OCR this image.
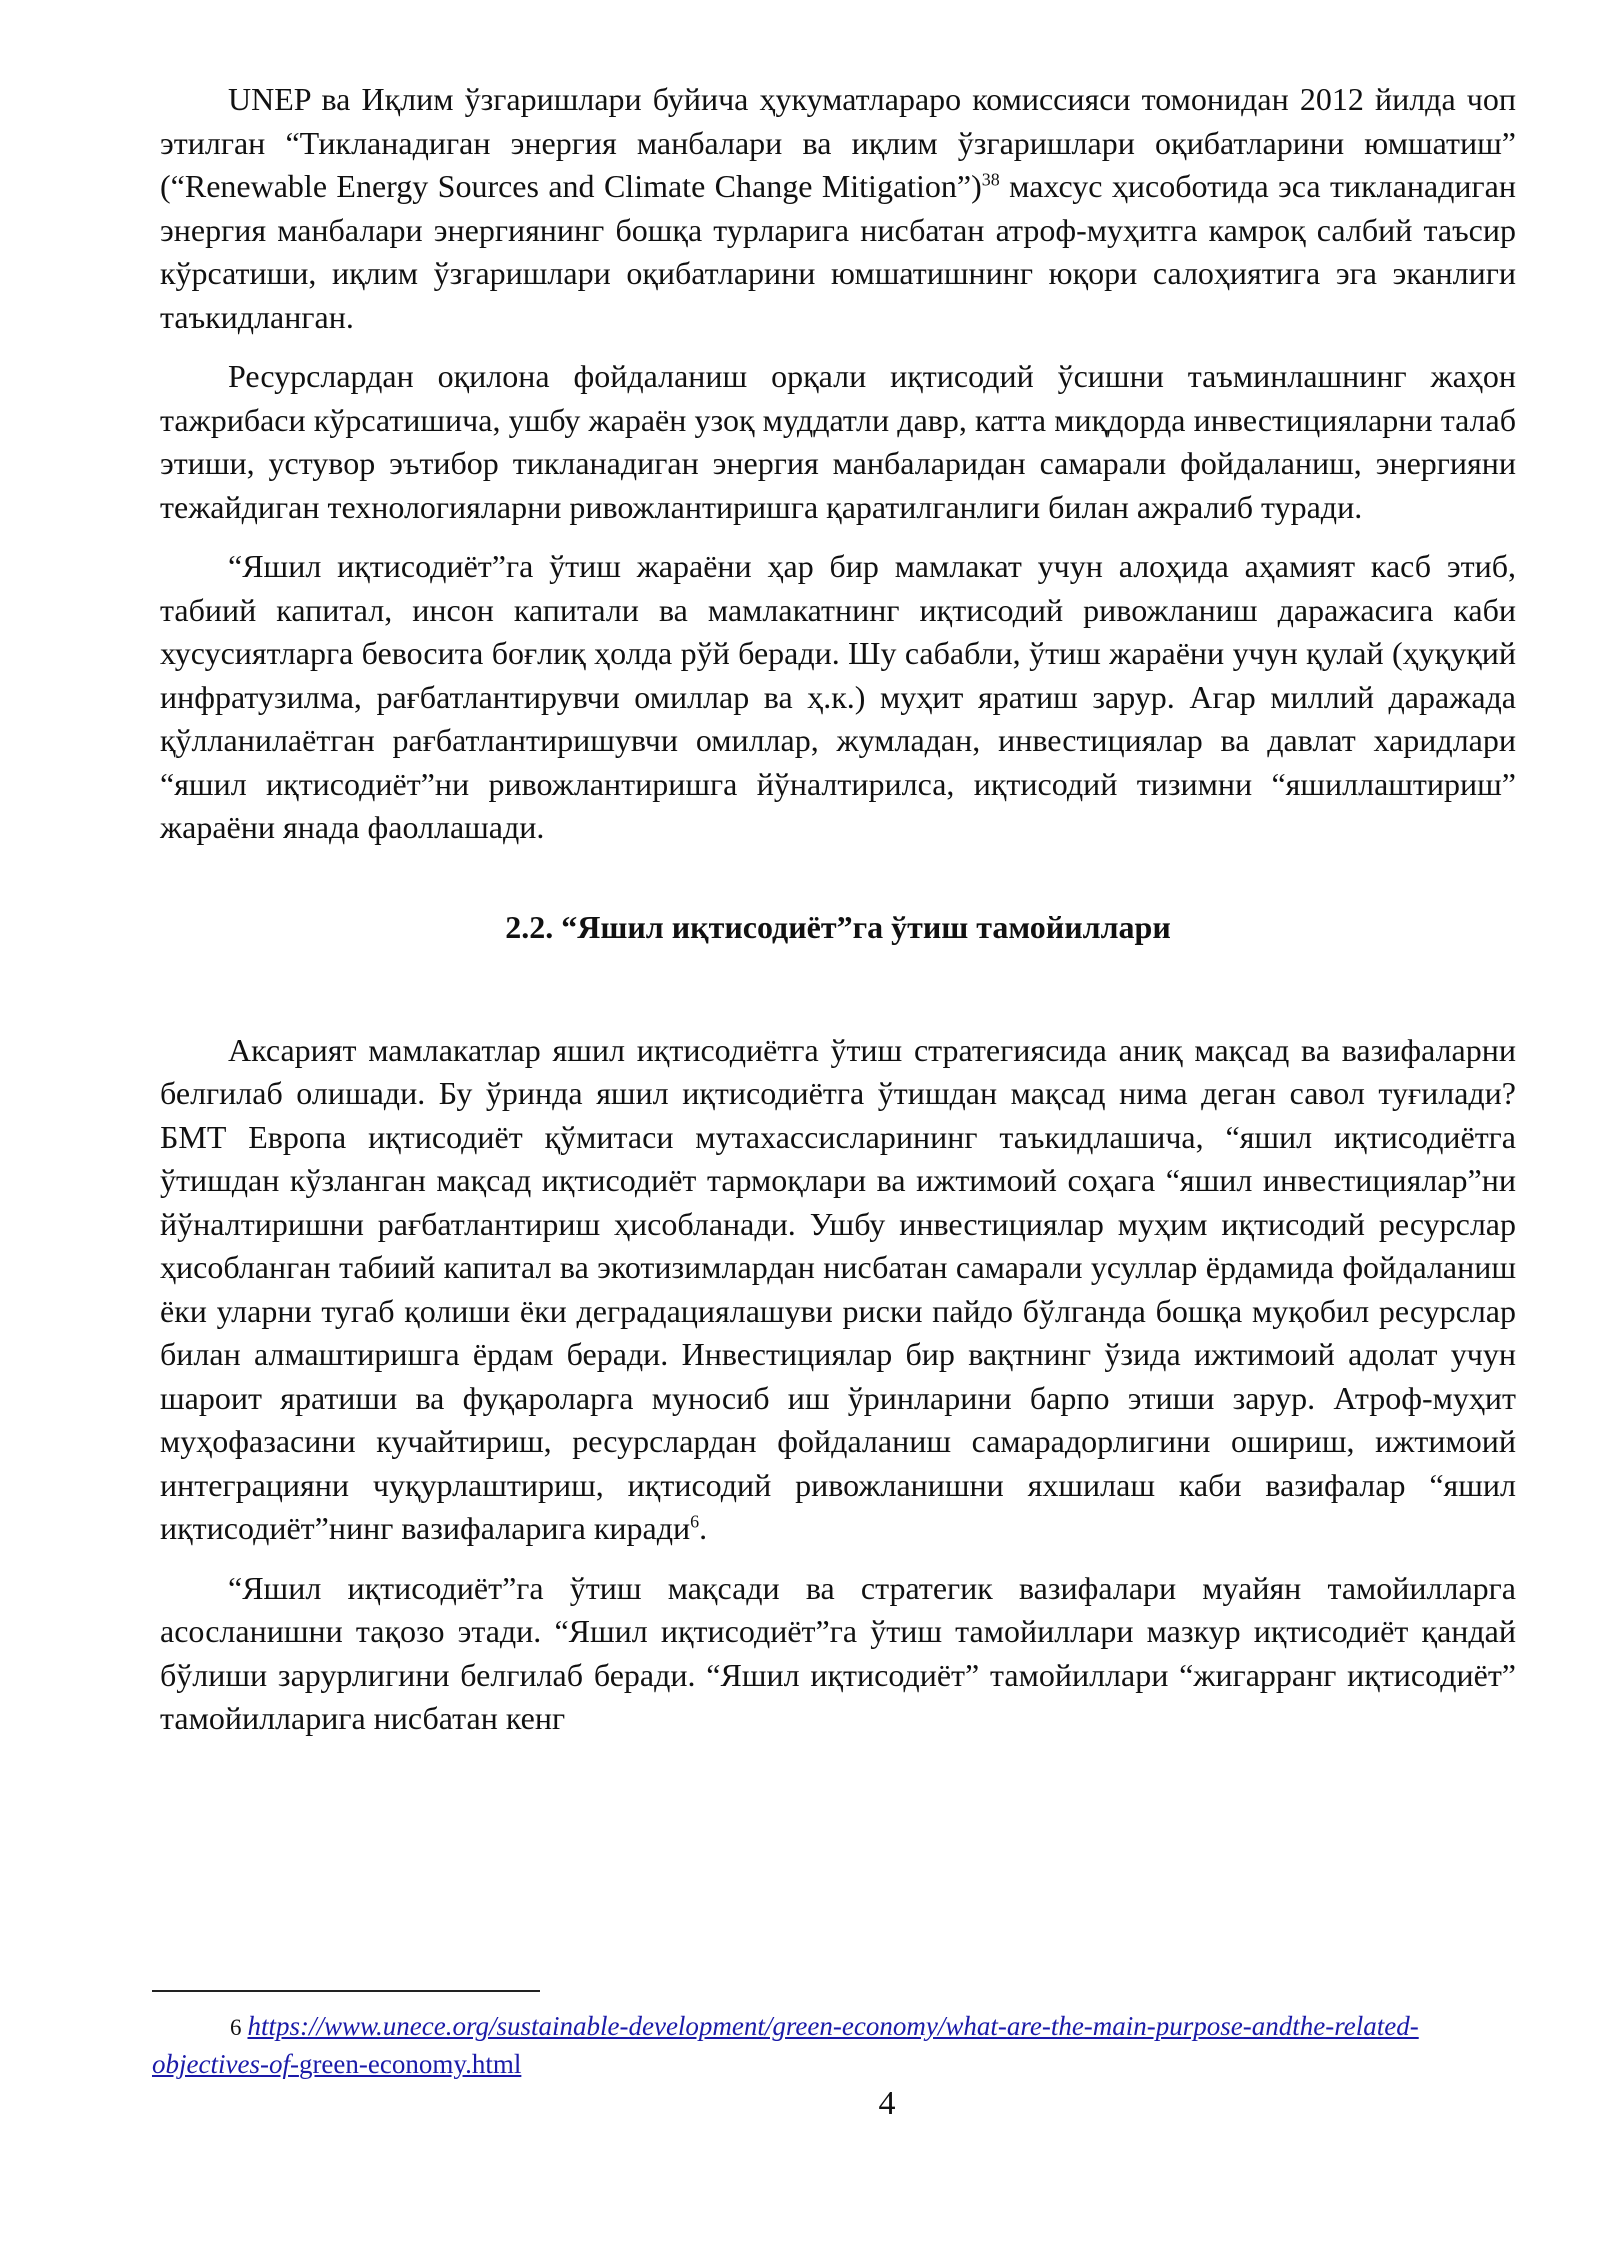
UNEP ва Иқлим ўзгаришлари буйича ҳукуматлараро комиссияси томонидан 2012 йилда чоп этилган “Тикланадиган энергия манбалари ва иқлим ўзгаришлари оқибатларини юмшатиш” (“Renewable Energy Sources and Climate Change Mitigation”)$^{38}$ махсус ҳисоботида эса тикланадиган энергия манбалари энергиянинг бошқа турларига нисбатан атроф-муҳитга камроқ салбий таъсир кўрсатиши, иқлим ўзгаришлари оқибатларини юмшатишнинг юқори салоҳиятига эга эканлиги таъкидланган.

Ресурслардан оқилона фойдаланиш орқали иқтисодий ўсишни таъминлашнинг жаҳон тажрибаси кўрсатишича, ушбу жараён узоқ муддатли давр, катта миқдорда инвестицияларни талаб этиши, устувор эътибор тикланадиган энергия манбаларидан самарали фойдаланиш, энергияни тежайдиган технологияларни ривожлантиришга қаратилганлиги билан ажралиб туради.

“Яшил иқтисодиёт”га ўтиш жараёни ҳар бир мамлакат учун алоҳида аҳамият касб этиб, табиий капитал, инсон капитали ва мамлакатнинг иқтисодий ривожланиш даражасига каби хусусиятларга бевосита боғлиқ ҳолда рўй беради. Шу сабабли, ўтиш жараёни учун қулай (ҳуқуқий инфратузилма, рағбатлантирувчи омиллар ва ҳ.к.) муҳит яратиш зарур. Агар миллий даражада қўлланилаётган рағбатлантиришувчи омиллар, жумладан, инвестициялар ва давлат харидлари “яшил иқтисодиёт”ни ривожлантиришга йўналтирилса, иқтисодий тизимни “яшиллаштириш” жараёни янада фаоллашади.

2.2. “Яшил иқтисодиёт”га ўтиш тамойиллари

Аксарият мамлакатлар яшил иқтисодиётга ўтиш стратегиясида аниқ мақсад ва вазифаларни белгилаб олишади. Бу ўринда яшил иқтисодиётга ўтишдан мақсад нима деган савол туғилади? БМТ Европа иқтисодиёт қўмитаси мутахассисларининг таъкидлашича, “яшил иқтисодиётга ўтишдан кўзланган мақсад иқтисодиёт тармоқлари ва ижтимоий соҳага “яшил инвестициялар”ни йўналтиришни рағбатлантириш ҳисобланади. Ушбу инвестициялар муҳим иқтисодий ресурслар ҳисобланган табиий капитал ва экотизимлардан нисбатан самарали усуллар ёрдамида фойдаланиш ёки уларни тугаб қолиши ёки деградациялашуви риски пайдо бўлганда бошқа муқобил ресурслар билан алмаштиришга ёрдам беради. Инвестициялар бир вақтнинг ўзида ижтимоий адолат учун шароит яратиши ва фуқароларга муносиб иш ўринларини барпо этиши зарур. Атроф-муҳит муҳофазасини кучайтириш, ресурслардан фойдаланиш самарадорлигини ошириш, ижтимоий интеграцияни чуқурлаштириш, иқтисодий ривожланишни яхшилаш каби вазифалар “яшил иқтисодиёт”нинг вазифаларига киради$^6$.

“Яшил иқтисодиёт”га ўтиш мақсади ва стратегик вазифалари муайян тамойилларга асосланишни тақозо этади. “Яшил иқтисодиёт”га ўтиш тамойиллари мазкур иқтисодиёт қандай бўлиши зарурлигини белгилаб беради. “Яшил иқтисодиёт” тамойиллари “жигарранг иқтисодиёт” тамойилларига нисбатан кенг

6 https://www.unece.org/sustainable-development/green-economy/what-are-the-main-purpose-andthe-related-objectives-of-green-economy.html
4
